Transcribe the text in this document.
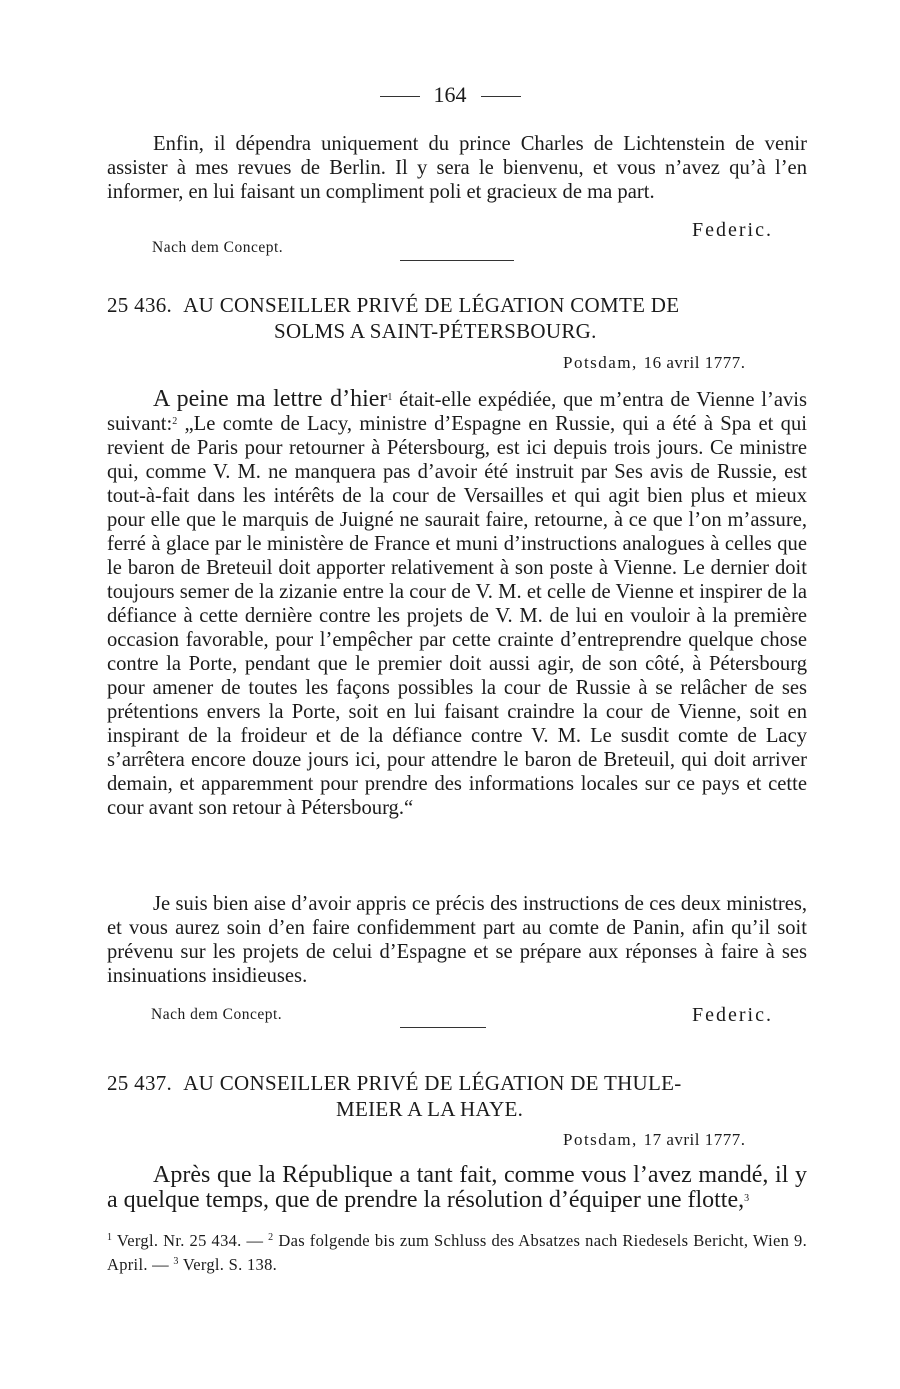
164
Enfin, il dépendra uniquement du prince Charles de Lichtenstein de venir assister à mes revues de Berlin. Il y sera le bienvenu, et vous n’avez qu’à l’en informer, en lui faisant un compliment poli et gracieux de ma part.
Federic.
Nach dem Concept.
25 436. AU CONSEILLER PRIVÉ DE LÉGATION COMTE DE
SOLMS A SAINT-PÉTERSBOURG.
Potsdam, 16 avril 1777.
A peine ma lettre d’hier$^1$ était-elle expédiée, que m’entra de Vienne l’avis suivant:$^2$ „Le comte de Lacy, ministre d’Espagne en Russie, qui a été à Spa et qui revient de Paris pour retourner à Pétersbourg, est ici depuis trois jours. Ce ministre qui, comme V. M. ne manquera pas d’avoir été instruit par Ses avis de Russie, est tout-à-fait dans les intérêts de la cour de Versailles et qui agit bien plus et mieux pour elle que le marquis de Juigné ne saurait faire, retourne, à ce que l’on m’assure, ferré à glace par le ministère de France et muni d’instructions analogues à celles que le baron de Breteuil doit apporter relativement à son poste à Vienne. Le dernier doit toujours semer de la zizanie entre la cour de V. M. et celle de Vienne et inspirer de la défiance à cette dernière contre les projets de V. M. de lui en vouloir à la première occasion favorable, pour l’empêcher par cette crainte d’entreprendre quelque chose contre la Porte, pendant que le premier doit aussi agir, de son côté, à Pétersbourg pour amener de toutes les façons possibles la cour de Russie à se relâcher de ses prétentions envers la Porte, soit en lui faisant craindre la cour de Vienne, soit en inspirant de la froideur et de la défiance contre V. M. Le susdit comte de Lacy s’arrêtera encore douze jours ici, pour attendre le baron de Breteuil, qui doit arriver demain, et apparemment pour prendre des informations locales sur ce pays et cette cour avant son retour à Pétersbourg.“
Je suis bien aise d’avoir appris ce précis des instructions de ces deux ministres, et vous aurez soin d’en faire confidemment part au comte de Panin, afin qu’il soit prévenu sur les projets de celui d’Espagne et se prépare aux réponses à faire à ses insinuations insidieuses.
Nach dem Concept.	Federic.
25 437. AU CONSEILLER PRIVÉ DE LÉGATION DE THULE-
MEIER A LA HAYE.
Potsdam, 17 avril 1777.
Après que la République a tant fait, comme vous l’avez mandé, il y a quelque temps, que de prendre la résolution d’équiper une flotte,$^3$
$^1$ Vergl. Nr. 25 434. — $^2$ Das folgende bis zum Schluss des Absatzes nach Riedesels Bericht, Wien 9. April. — $^3$ Vergl. S. 138.
